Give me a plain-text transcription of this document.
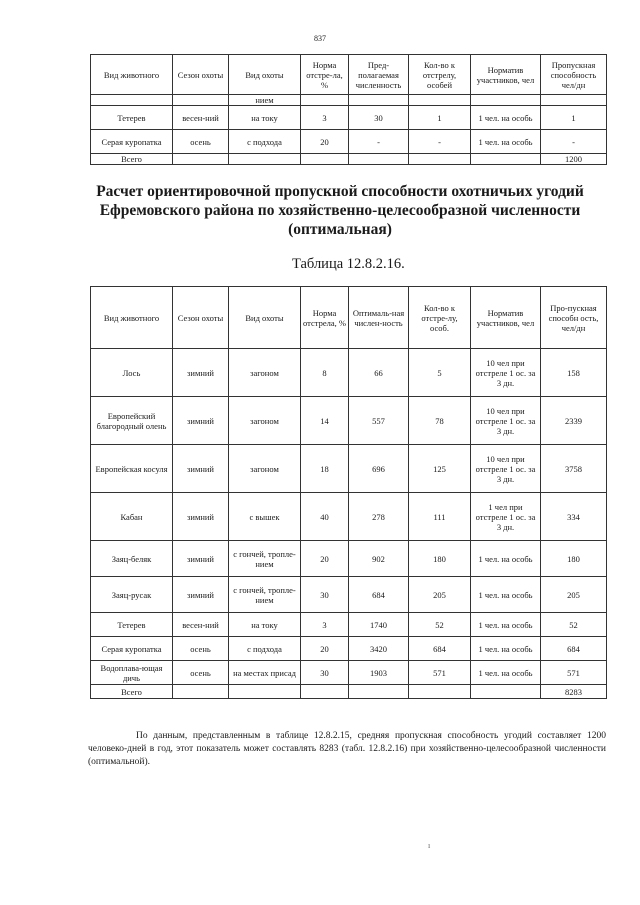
837
Вид животного	Сезон охоты	Вид охоты	Норма отстре-ла, %	Пред-полагаемая численность	Кол-во к отстрелу, особей	Норматив участников, чел	Пропускная способность чел/дн
		нием					
Тетерев	весен-ний	на току	3	30	1	1 чел. на особь	1
Серая куропатка	осень	с подхода	20	-	-	1 чел. на особь	-
Всего							1200
Расчет ориентировочной пропускной способности охотничьих угодий Ефремовского района по хозяйственно-целесообразной численности (оптимальная)
Таблица 12.8.2.16.
Вид животного	Сезон охоты	Вид охоты	Норма отстрела, %	Оптималь-ная числен-ность	Кол-во к отстре-лу, особ.	Норматив участников, чел	Про-пускная способн ость, чел/дн
Лось	зимний	загоном	8	66	5	10 чел при отстреле 1 ос. за 3 дн.	158
Европейский благородный олень	зимний	загоном	14	557	78	10 чел при отстреле 1 ос. за 3 дн.	2339
Европейская косуля	зимний	загоном	18	696	125	10 чел при отстреле 1 ос. за 3 дн.	3758
Кабан	зимний	с вышек	40	278	111	1 чел при отстреле 1 ос. за 3 дн.	334
Заяц-беляк	зимний	с гончей, тропле-нием	20	902	180	1 чел. на особь	180
Заяц-русак	зимний	с гончей, тропле-нием	30	684	205	1 чел. на особь	205
Тетерев	весен-ний	на току	3	1740	52	1 чел. на особь	52
Серая куропатка	осень	с подхода	20	3420	684	1 чел. на особь	684
Водоплава-ющая дичь	осень	на местах присад	30	1903	571	1 чел. на особь	571
Всего							8283
По данным, представленным в таблице 12.8.2.15, средняя пропускная способность угодий составляет 1200 человеко-дней в год, этот показатель может составлять 8283 (табл. 12.8.2.16) при хозяйственно-целесообразной численности (оптимальной).
ı
